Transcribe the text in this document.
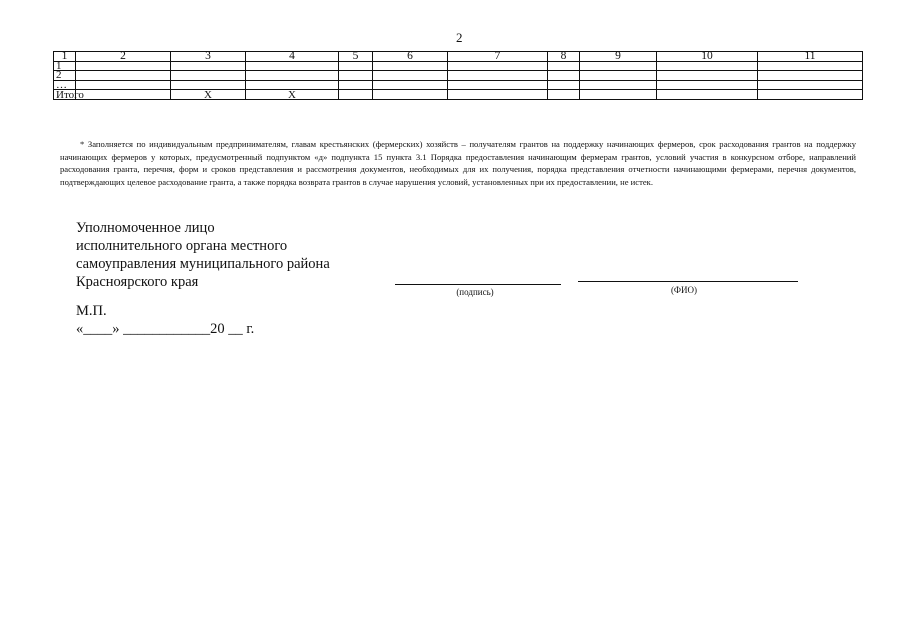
2
1	2	3	4	5	6	7	8	9	10	11
1										
2										
…										
Итого		X	X							
* Заполняется по индивидуальным предпринимателям, главам крестьянских (фермерских) хозяйств – получателям грантов на поддержку начинающих фермеров, срок расходования грантов на поддержку начинающих фермеров у которых, предусмотренный подпунктом «д» подпункта 15 пункта 3.1 Порядка предоставления начинающим фермерам грантов, условий участия в конкурсном отборе, направлений расходования гранта, перечня, форм и сроков представления и рассмотрения документов, необходимых для их получения, порядка представления отчетности начинающими фермерами, перечня документов, подтверждающих целевое расходование гранта, а также порядка возврата грантов в случае нарушения условий, установленных при их предоставлении, не истек.
Уполномоченное лицо
исполнительного органа местного
самоуправления муниципального района
Красноярского края
(подпись)	(ФИО)
М.П.
«____» ____________20 __ г.
